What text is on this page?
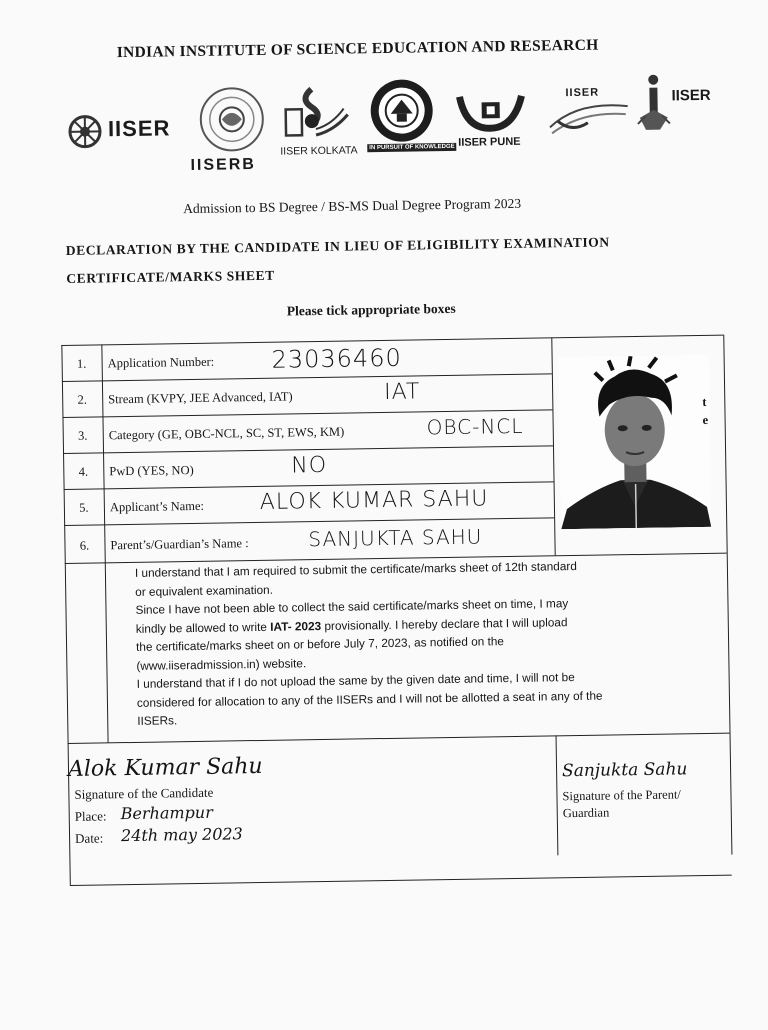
INDIAN INSTITUTE OF SCIENCE EDUCATION AND RESEARCH
IISER
IISERB
IISER KOLKATA	IN PURSUIT OF KNOWLEDGE IISER PUNE
IISER	IISER
Admission to BS Degree / BS-MS Dual Degree Program 2023
DECLARATION BY THE CANDIDATE IN LIEU OF ELIGIBILITY EXAMINATION CERTIFICATE/MARKS SHEET
Please tick appropriate boxes
1.	Application Number: 23036460
2.	Stream (KVPY, JEE Advanced, IAT)	IAT
3.	Category (GE, OBC-NCL, SC, ST, EWS, KM)	OBC-NCL
4.	PwD (YES, NO)	NO
5.	Applicant’s Name:	ALOK KUMAR SAHU
6.	Parent’s/Guardian’s Name :	SANJUKTA SAHU
t
e

I understand that I am required to submit the certificate/marks sheet of 12th standard

or equivalent examination.

Since I have not been able to collect the said certificate/marks sheet on time, I may

kindly be allowed to write IAT- 2023 provisionally. I hereby declare that I will upload

the certificate/marks sheet on or before July 7, 2023, as notified on the

(www.iiseradmission.in) website.

I understand that if I do not upload the same by the given date and time, I will not be

considered for allocation to any of the IISERs and I will not be allotted a seat in any of the

IISERs.

Alok Kumar Sahu
Signature of the Candidate
Place: Berhampur
Date: 24th may 2023
Sanjukta Sahu
Signature of the Parent/
Guardian
